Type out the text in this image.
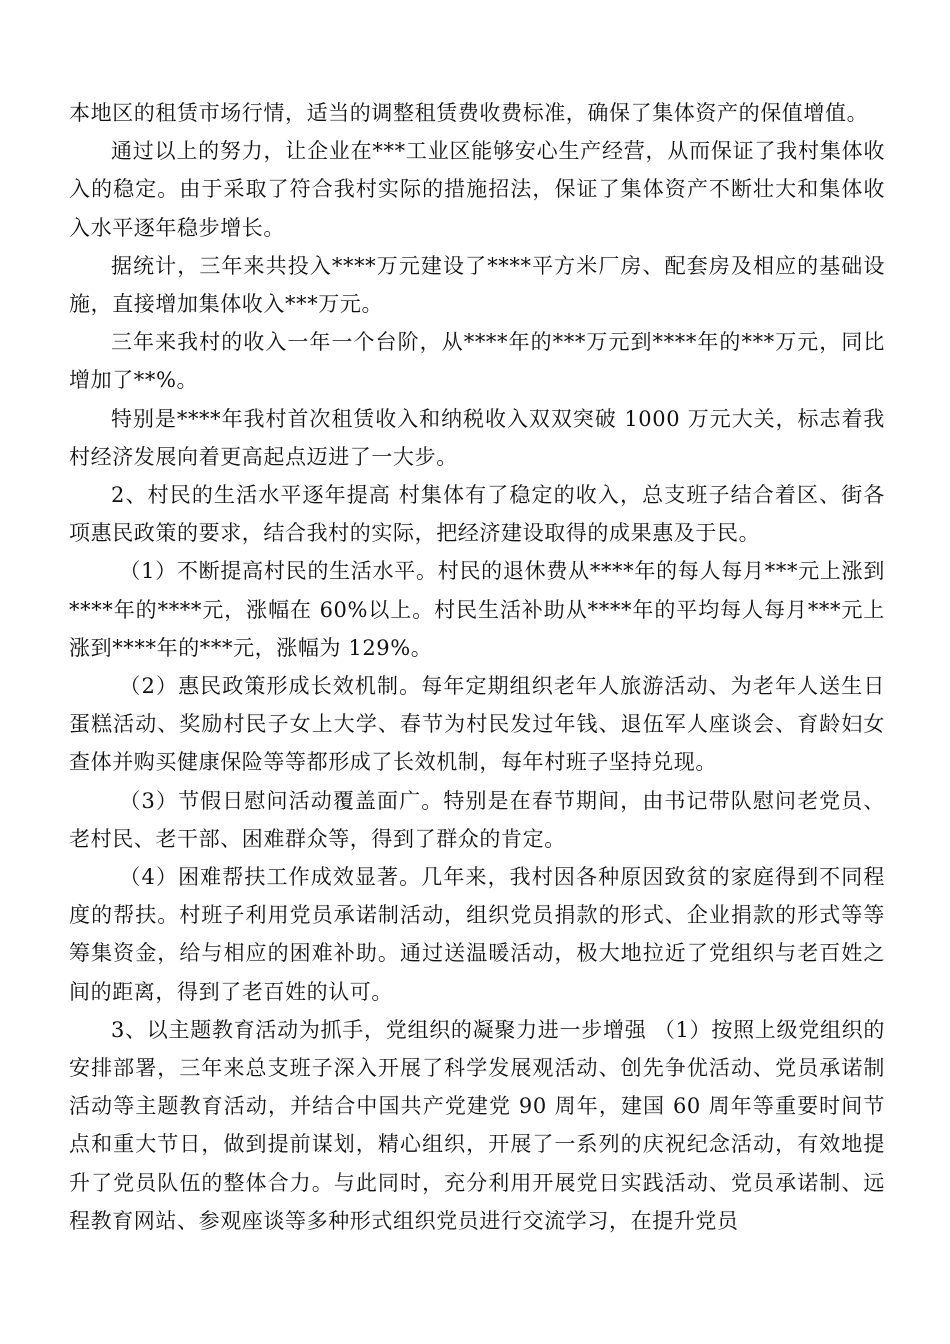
本地区的租赁市场行情，适当的调整租赁费收费标准，确保了集体资产的保值增值。

通过以上的努力，让企业在***工业区能够安心生产经营，从而保证了我村集体收入的稳定。由于采取了符合我村实际的措施招法，保证了集体资产不断壮大和集体收入水平逐年稳步增长。

据统计，三年来共投入****万元建设了****平方米厂房、配套房及相应的基础设施，直接增加集体收入***万元。

三年来我村的收入一年一个台阶，从****年的***万元到****年的***万元，同比增加了**%。

特别是****年我村首次租赁收入和纳税收入双双突破 1000 万元大关，标志着我村经济发展向着更高起点迈进了一大步。

2、村民的生活水平逐年提高 村集体有了稳定的收入，总支班子结合着区、街各项惠民政策的要求，结合我村的实际，把经济建设取得的成果惠及于民。

（1）不断提高村民的生活水平。村民的退休费从****年的每人每月***元上涨到****年的****元，涨幅在 60%以上。村民生活补助从****年的平均每人每月***元上涨到****年的***元，涨幅为 129%。

（2）惠民政策形成长效机制。每年定期组织老年人旅游活动、为老年人送生日蛋糕活动、奖励村民子女上大学、春节为村民发过年钱、退伍军人座谈会、育龄妇女查体并购买健康保险等等都形成了长效机制，每年村班子坚持兑现。

（3）节假日慰问活动覆盖面广。特别是在春节期间，由书记带队慰问老党员、老村民、老干部、困难群众等，得到了群众的肯定。

（4）困难帮扶工作成效显著。几年来，我村因各种原因致贫的家庭得到不同程度的帮扶。村班子利用党员承诺制活动，组织党员捐款的形式、企业捐款的形式等等筹集资金，给与相应的困难补助。通过送温暖活动，极大地拉近了党组织与老百姓之间的距离，得到了老百姓的认可。

3、以主题教育活动为抓手，党组织的凝聚力进一步增强 （1）按照上级党组织的安排部署，三年来总支班子深入开展了科学发展观活动、创先争优活动、党员承诺制活动等主题教育活动，并结合中国共产党建党 90 周年，建国 60 周年等重要时间节点和重大节日，做到提前谋划，精心组织，开展了一系列的庆祝纪念活动，有效地提升了党员队伍的整体合力。与此同时，充分利用开展党日实践活动、党员承诺制、远程教育网站、参观座谈等多种形式组织党员进行交流学习，在提升党员
